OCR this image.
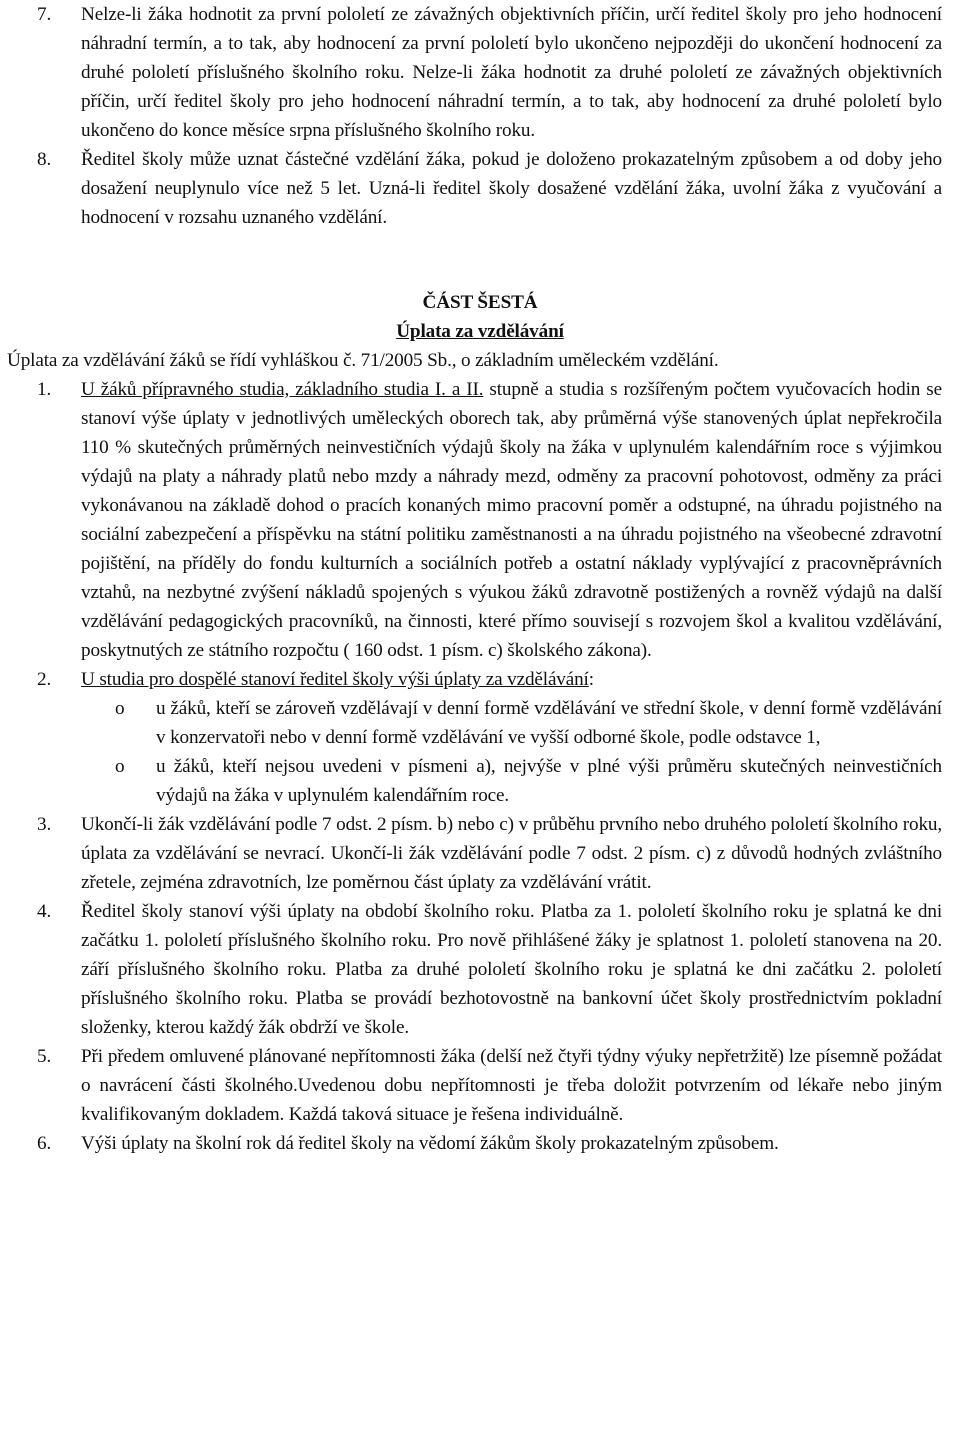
7. Nelze-li žáka hodnotit za první pololetí ze závažných objektivních příčin, určí ředitel školy pro jeho hodnocení náhradní termín, a to tak, aby hodnocení za první pololetí bylo ukončeno nejpozději do ukončení hodnocení za druhé pololetí příslušného školního roku. Nelze-li žáka hodnotit za druhé pololetí ze závažných objektivních příčin, určí ředitel školy pro jeho hodnocení náhradní termín, a to tak, aby hodnocení za druhé pololetí bylo ukončeno do konce měsíce srpna příslušného školního roku.

8. Ředitel školy může uznat částečné vzdělání žáka, pokud je doloženo prokazatelným způsobem a od doby jeho dosažení neuplynulo více než 5 let. Uzná-li ředitel školy dosažené vzdělání žáka, uvolní žáka z vyučování a hodnocení v rozsahu uznaného vzdělání.

ČÁST ŠESTÁ

Úplata za vzdělávání

Úplata za vzdělávání žáků se řídí vyhláškou č. 71/2005 Sb., o základním uměleckém vzdělání.

1. U žáků přípravného studia, základního studia I. a II. stupně a studia s rozšířeným počtem vyučovacích hodin se stanoví výše úplaty v jednotlivých uměleckých oborech tak, aby průměrná výše stanovených úplat nepřekročila 110 % skutečných průměrných neinvestičních výdajů školy na žáka v uplynulém kalendářním roce s výjimkou výdajů na platy a náhrady platů nebo mzdy a náhrady mezd, odměny za pracovní pohotovost, odměny za práci vykonávanou na základě dohod o pracích konaných mimo pracovní poměr a odstupné, na úhradu pojistného na sociální zabezpečení a příspěvku na státní politiku zaměstnanosti a na úhradu pojistného na všeobecné zdravotní pojištění, na příděly do fondu kulturních a sociálních potřeb a ostatní náklady vyplývající z pracovněprávních vztahů, na nezbytné zvýšení nákladů spojených s výukou žáků zdravotně postižených a rovněž výdajů na další vzdělávání pedagogických pracovníků, na činnosti, které přímo souvisejí s rozvojem škol a kvalitou vzdělávání, poskytnutých ze státního rozpočtu ( 160 odst. 1 písm. c) školského zákona).

2. U studia pro dospělé stanoví ředitel školy výši úplaty za vzdělávání:

o u žáků, kteří se zároveň vzdělávají v denní formě vzdělávání ve střední škole, v denní formě vzdělávání v konzervatoři nebo v denní formě vzdělávání ve vyšší odborné škole, podle odstavce 1,
o u žáků, kteří nejsou uvedeni v písmeni a), nejvýše v plné výši průměru skutečných neinvestičních výdajů na žáka v uplynulém kalendářním roce.
3. Ukončí-li žák vzdělávání podle 7 odst. 2 písm. b) nebo c) v průběhu prvního nebo druhého pololetí školního roku, úplata za vzdělávání se nevrací. Ukončí-li žák vzdělávání podle 7 odst. 2 písm. c) z důvodů hodných zvláštního zřetele, zejména zdravotních, lze poměrnou část úplaty za vzdělávání vrátit.

4. Ředitel školy stanoví výši úplaty na období školního roku. Platba za 1. pololetí školního roku je splatná ke dni začátku 1. pololetí příslušného školního roku. Pro nově přihlášené žáky je splatnost 1. pololetí stanovena na 20. září příslušného školního roku. Platba za druhé pololetí školního roku je splatná ke dni začátku 2. pololetí příslušného školního roku. Platba se provádí bezhotovostně na bankovní účet školy prostřednictvím pokladní složenky, kterou každý žák obdrží ve škole.

5. Při předem omluvené plánované nepřítomnosti žáka (delší než čtyři týdny výuky nepřetržitě) lze písemně požádat o navrácení části školného.Uvedenou dobu nepřítomnosti je třeba doložit potvrzením od lékaře nebo jiným kvalifikovaným dokladem. Každá taková situace je řešena individuálně.

6. Výši úplaty na školní rok dá ředitel školy na vědomí žákům školy prokazatelným způsobem.
